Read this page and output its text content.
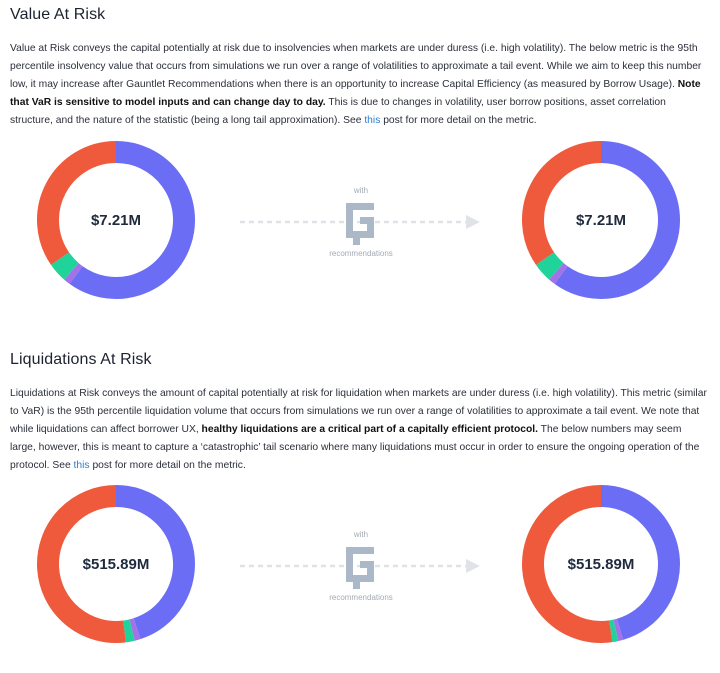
Value At Risk

Value at Risk conveys the capital potentially at risk due to insolvencies when markets are under duress (i.e. high volatility). The below metric is the 95th percentile insolvency value that occurs from simulations we run over a range of volatilities to approximate a tail event. While we aim to keep this number low, it may increase after Gauntlet Recommendations when there is an opportunity to increase Capital Efficiency (as measured by Borrow Usage). Note that VaR is sensitive to model inputs and can change day to day. This is due to changes in volatility, user borrow positions, asset correlation structure, and the nature of the statistic (being a long tail approximation). See this post for more detail on the metric.

$7.21M
with
recommendations
$7.21M
Liquidations At Risk

Liquidations at Risk conveys the amount of capital potentially at risk for liquidation when markets are under duress (i.e. high volatility). This metric (similar to VaR) is the 95th percentile liquidation volume that occurs from simulations we run over a range of volatilities to approximate a tail event. We note that while liquidations can affect borrower UX, healthy liquidations are a critical part of a capitally efficient protocol. The below numbers may seem large, however, this is meant to capture a ‘catastrophic’ tail scenario where many liquidations must occur in order to ensure the ongoing operation of the protocol. See this post for more detail on the metric.

$515.89M
with
recommendations
$515.89M
